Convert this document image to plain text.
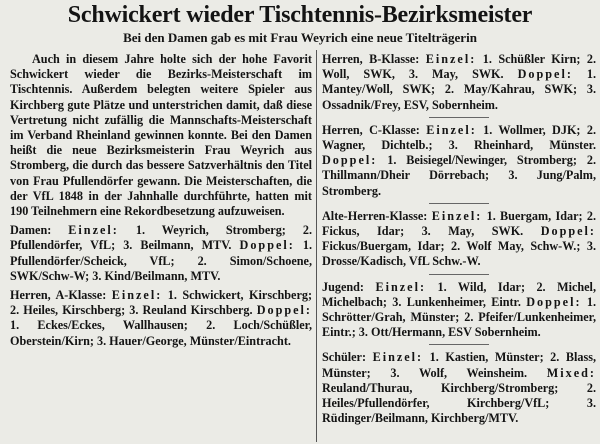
Schwickert wieder Tischtennis-Bezirksmeister
Bei den Damen gab es mit Frau Weyrich eine neue Titelträgerin

Auch in diesem Jahre holte sich der hohe Favorit Schwickert wieder die Bezirks-Meisterschaft im Tischtennis. Außerdem belegten weitere Spieler aus Kirchberg gute Plätze und unterstrichen damit, daß diese Vertretung nicht zufällig die Mannschafts-Meisterschaft im Verband Rheinland gewinnen konnte. Bei den Damen heißt die neue Bezirksmeisterin Frau Weyrich aus Stromberg, die durch das bessere Satzverhältnis den Titel von Frau Pfullendörfer gewann. Die Meisterschaften, die der VfL 1848 in der Jahnhalle durchführte, hatten mit 190 Teilnehmern eine Rekordbesetzung aufzuweisen.

Damen: Einzel: 1. Weyrich, Stromberg; 2. Pfullendörfer, VfL; 3. Beilmann, MTV. Doppel: 1. Pfullendörfer/Scheick, VfL; 2. Simon/Schoene, SWK/Schw-W; 3. Kind/Beilmann, MTV.

Herren, A-Klasse: Einzel: 1. Schwickert, Kirschberg; 2. Heiles, Kirschberg; 3. Reuland Kirschberg. Doppel: 1. Eckes/Eckes, Wallhausen; 2. Loch/Schüßler, Oberstein/Kirn; 3. Hauer/George, Münster/Eintracht.

Herren, B-Klasse: Einzel: 1. Schüßler Kirn; 2. Woll, SWK, 3. May, SWK. Doppel: 1. Mantey/Woll, SWK; 2. May/Kahrau, SWK; 3. Ossadnik/Frey, ESV, Sobernheim.

Herren, C-Klasse: Einzel: 1. Wollmer, DJK; 2. Wagner, Dichtelb.; 3. Rheinhard, Münster. Doppel: 1. Beisiegel/Newinger, Stromberg; 2. Thillmann/Dheir Dörrebach; 3. Jung/Palm, Stromberg.

Alte-Herren-Klasse: Einzel: 1. Buergam, Idar; 2. Fickus, Idar; 3. May, SWK. Doppel: Fickus/Buergam, Idar; 2. Wolf May, Schw-W.; 3. Drosse/Kadisch, VfL Schw.-W.

Jugend: Einzel: 1. Wild, Idar; 2. Michel, Michelbach; 3. Lunkenheimer, Eintr. Doppel: 1. Schrötter/Grah, Münster; 2. Pfeifer/Lunkenheimer, Eintr.; 3. Ott/Hermann, ESV Sobernheim.

Schüler: Einzel: 1. Kastien, Münster; 2. Blass, Münster; 3. Wolf, Weinsheim. Mixed: Reuland/Thurau, Kirchberg/Stromberg; 2. Heiles/Pfullendörfer, Kirchberg/VfL; 3. Rüdinger/Beilmann, Kirchberg/MTV.
